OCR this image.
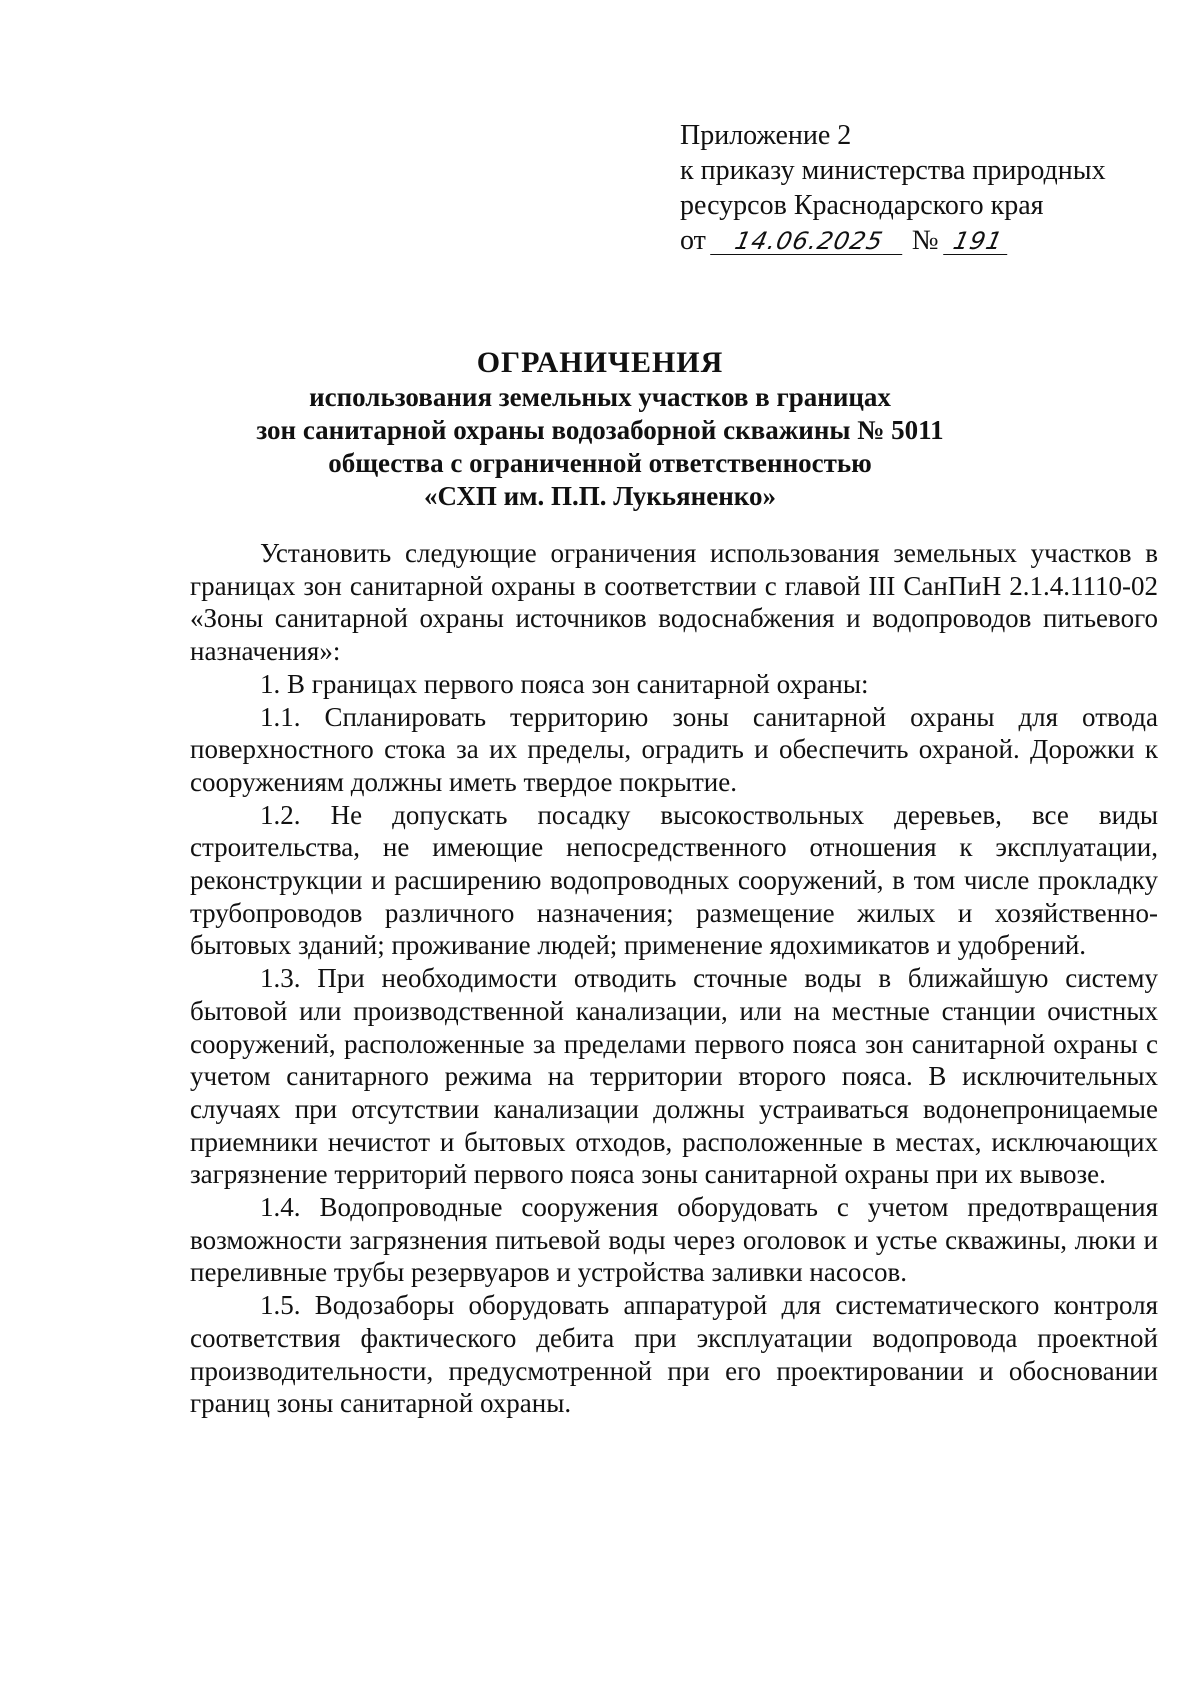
Приложение 2
к приказу министерства природных
ресурсов Краснодарского края
от 14.06.2025 № 191
ОГРАНИЧЕНИЯ
использования земельных участков в границах
зон санитарной охраны водозаборной скважины № 5011
общества с ограниченной ответственностью
«СХП им. П.П. Лукьяненко»

Установить следующие ограничения использования земельных участков в границах зон санитарной охраны в соответствии с главой III СанПиН 2.1.4.1110-02 «Зоны санитарной охраны источников водоснабжения и водопроводов питьевого назначения»:

1. В границах первого пояса зон санитарной охраны:

1.1. Спланировать территорию зоны санитарной охраны для отвода поверхностного стока за их пределы, оградить и обеспечить охраной. Дорожки к сооружениям должны иметь твердое покрытие.

1.2. Не допускать посадку высокоствольных деревьев, все виды строительства, не имеющие непосредственного отношения к эксплуатации, реконструкции и расширению водопроводных сооружений, в том числе прокладку трубопроводов различного назначения; размещение жилых и хозяйственно-бытовых зданий; проживание людей; применение ядохимикатов и удобрений.

1.3. При необходимости отводить сточные воды в ближайшую систему бытовой или производственной канализации, или на местные станции очистных сооружений, расположенные за пределами первого пояса зон санитарной охраны с учетом санитарного режима на территории второго пояса. В исключительных случаях при отсутствии канализации должны устраиваться водонепроницаемые приемники нечистот и бытовых отходов, расположенные в местах, исключающих загрязнение территорий первого пояса зоны санитарной охраны при их вывозе.

1.4. Водопроводные сооружения оборудовать с учетом предотвращения возможности загрязнения питьевой воды через оголовок и устье скважины, люки и переливные трубы резервуаров и устройства заливки насосов.

1.5. Водозаборы оборудовать аппаратурой для систематического контроля соответствия фактического дебита при эксплуатации водопровода проектной производительности, предусмотренной при его проектировании и обосновании границ зоны санитарной охраны.
